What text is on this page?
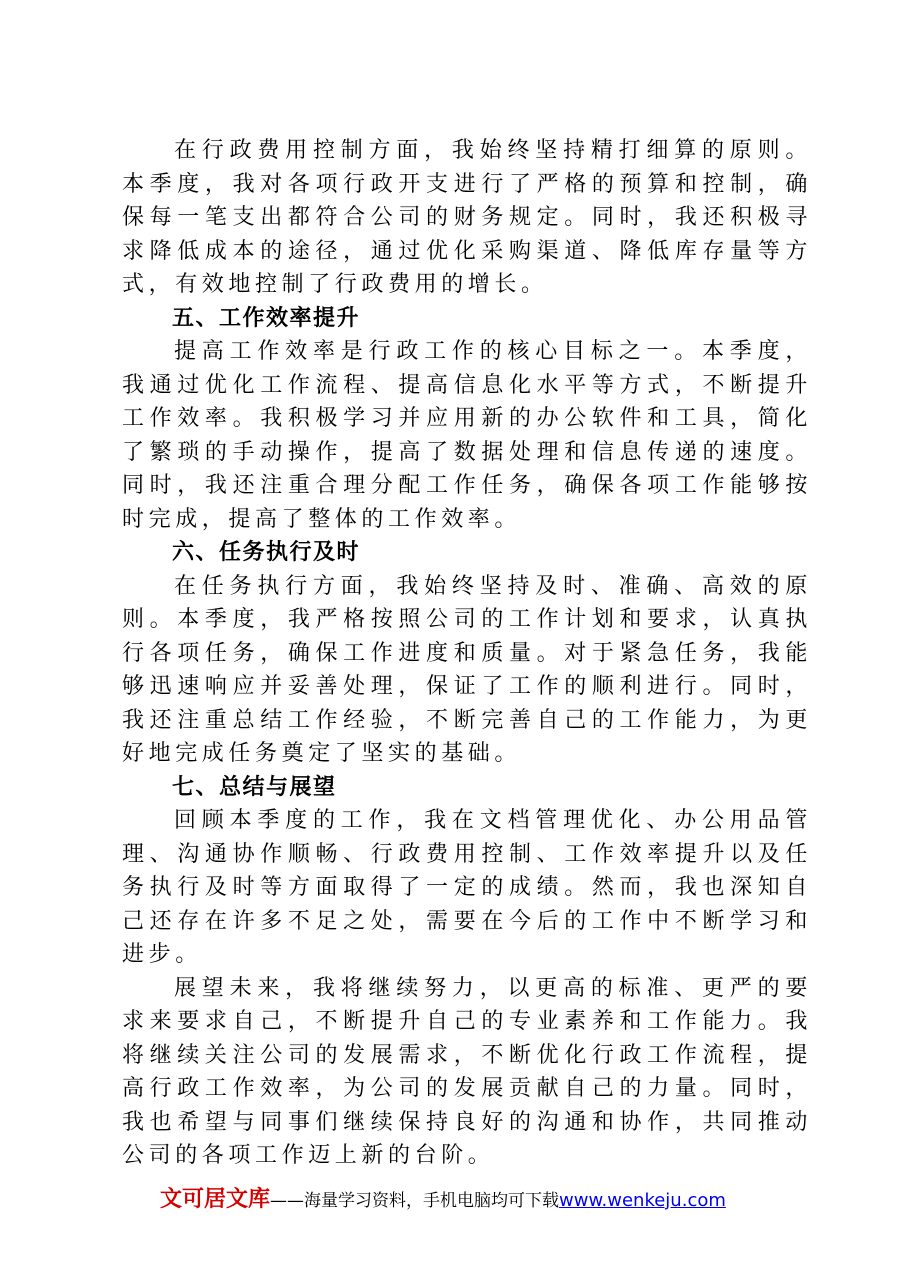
在行政费用控制方面，我始终坚持精打细算的原则。本季度，我对各项行政开支进行了严格的预算和控制，确保每一笔支出都符合公司的财务规定。同时，我还积极寻求降低成本的途径，通过优化采购渠道、降低库存量等方式，有效地控制了行政费用的增长。

五、工作效率提升

提高工作效率是行政工作的核心目标之一。本季度，我通过优化工作流程、提高信息化水平等方式，不断提升工作效率。我积极学习并应用新的办公软件和工具，简化了繁琐的手动操作，提高了数据处理和信息传递的速度。同时，我还注重合理分配工作任务，确保各项工作能够按时完成，提高了整体的工作效率。

六、任务执行及时

在任务执行方面，我始终坚持及时、准确、高效的原则。本季度，我严格按照公司的工作计划和要求，认真执行各项任务，确保工作进度和质量。对于紧急任务，我能够迅速响应并妥善处理，保证了工作的顺利进行。同时，我还注重总结工作经验，不断完善自己的工作能力，为更好地完成任务奠定了坚实的基础。

七、总结与展望

回顾本季度的工作，我在文档管理优化、办公用品管理、沟通协作顺畅、行政费用控制、工作效率提升以及任务执行及时等方面取得了一定的成绩。然而，我也深知自己还存在许多不足之处，需要在今后的工作中不断学习和进步。

展望未来，我将继续努力，以更高的标准、更严的要求来要求自己，不断提升自己的专业素养和工作能力。我将继续关注公司的发展需求，不断优化行政工作流程，提高行政工作效率，为公司的发展贡献自己的力量。同时，我也希望与同事们继续保持良好的沟通和协作，共同推动公司的各项工作迈上新的台阶。

文可居文库——海量学习资料，手机电脑均可下载www.wenkeju.com
